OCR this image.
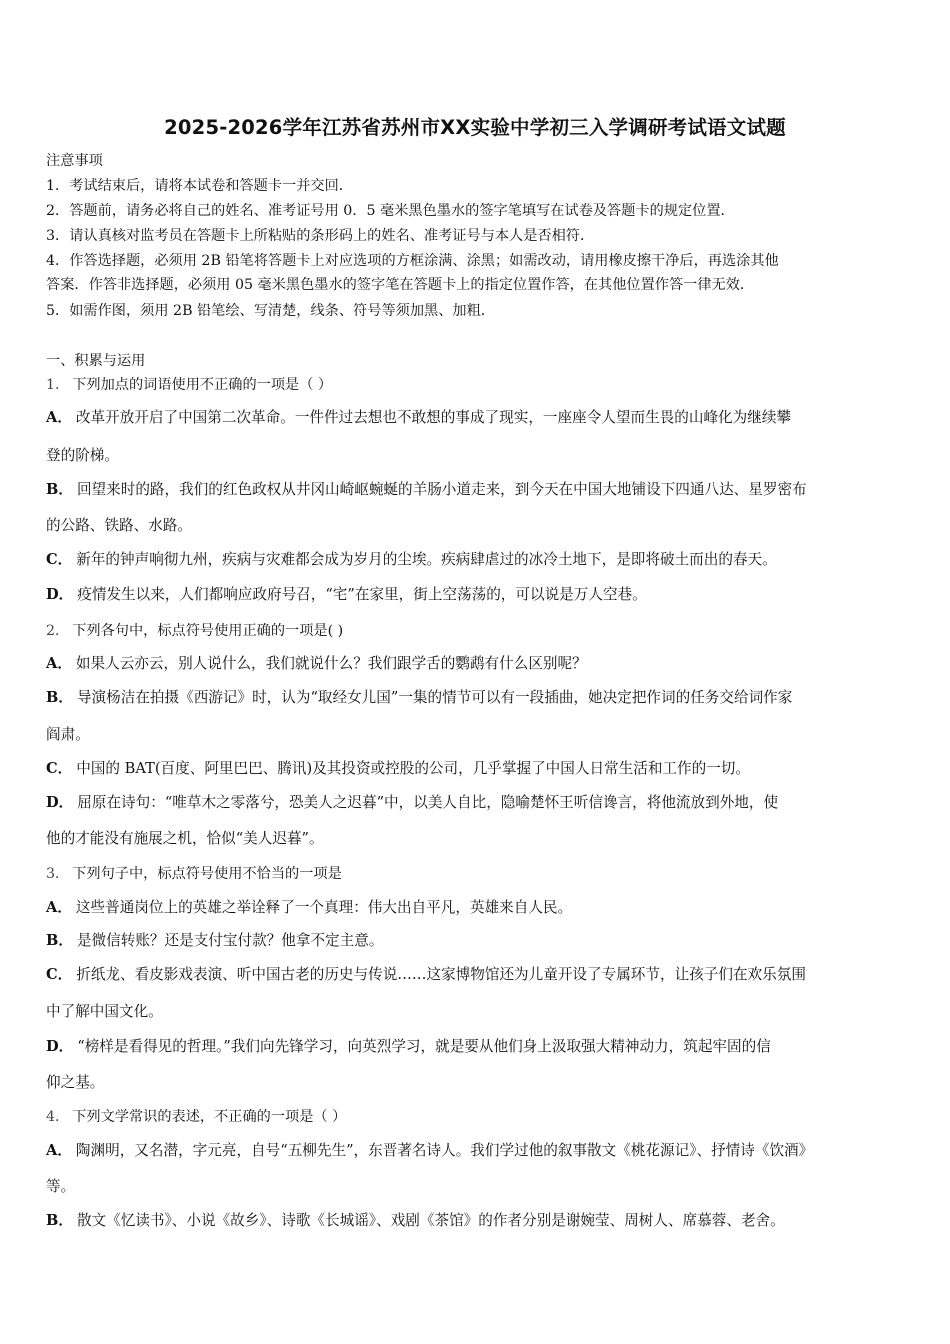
2025-2026学年江苏省苏州市XX实验中学初三入学调研考试语文试题
注意事项
1．考试结束后，请将本试卷和答题卡一并交回．
2．答题前，请务必将自己的姓名、准考证号用 0．5 毫米黑色墨水的签字笔填写在试卷及答题卡的规定位置．
3．请认真核对监考员在答题卡上所粘贴的条形码上的姓名、准考证号与本人是否相符．
4．作答选择题，必须用 2B 铅笔将答题卡上对应选项的方框涂满、涂黑；如需改动，请用橡皮擦干净后，再选涂其他
答案．作答非选择题，必须用 05 毫米黑色墨水的签字笔在答题卡上的指定位置作答，在其他位置作答一律无效．
5．如需作图，须用 2B 铅笔绘、写清楚，线条、符号等须加黑、加粗．
一、积累与运用
1． 下列加点的词语使用不正确的一项是（ ）
A． 改革开放开启了中国第二次革命。一件件过去想也不敢想的事成了现实，一座座令人望而生畏的山峰化为继续攀
登的阶梯。
B． 回望来时的路，我们的红色政权从井冈山崎岖蜿蜒的羊肠小道走来，到今天在中国大地铺设下四通八达、星罗密布
的公路、铁路、水路。
C． 新年的钟声响彻九州，疾病与灾难都会成为岁月的尘埃。疾病肆虐过的冰冷土地下，是即将破土而出的春天。
D． 疫情发生以来，人们都响应政府号召，“宅”在家里，街上空荡荡的，可以说是万人空巷。
2． 下列各句中，标点符号使用正确的一项是( )
A． 如果人云亦云，别人说什么，我们就说什么？我们跟学舌的鹦鹉有什么区别呢？
B． 导演杨洁在拍摄《西游记》时，认为“取经女儿国”一集的情节可以有一段插曲，她决定把作词的任务交给词作家
阎肃。
C． 中国的 BAT(百度、阿里巴巴、腾讯)及其投资或控股的公司，几乎掌握了中国人日常生活和工作的一切。
D． 屈原在诗句：“唯草木之零落兮，恐美人之迟暮”中，以美人自比，隐喻楚怀王听信谗言，将他流放到外地，使
他的才能没有施展之机，恰似“美人迟暮”。
3． 下列句子中，标点符号使用不恰当的一项是
A． 这些普通岗位上的英雄之举诠释了一个真理：伟大出自平凡，英雄来自人民。
B． 是微信转账？还是支付宝付款？他拿不定主意。
C． 折纸龙、看皮影戏表演、听中国古老的历史与传说……这家博物馆还为儿童开设了专属环节，让孩子们在欢乐氛围
中了解中国文化。
D． “榜样是看得见的哲理。”我们向先锋学习，向英烈学习，就是要从他们身上汲取强大精神动力，筑起牢固的信
仰之基。
4． 下列文学常识的表述，不正确的一项是（ ）
A． 陶渊明，又名潜，字元亮，自号“五柳先生”，东晋著名诗人。我们学过他的叙事散文《桃花源记》、抒情诗《饮酒》
等。
B． 散文《忆读书》、小说《故乡》、诗歌《长城谣》、戏剧《茶馆》的作者分别是谢婉莹、周树人、席慕蓉、老舍。
